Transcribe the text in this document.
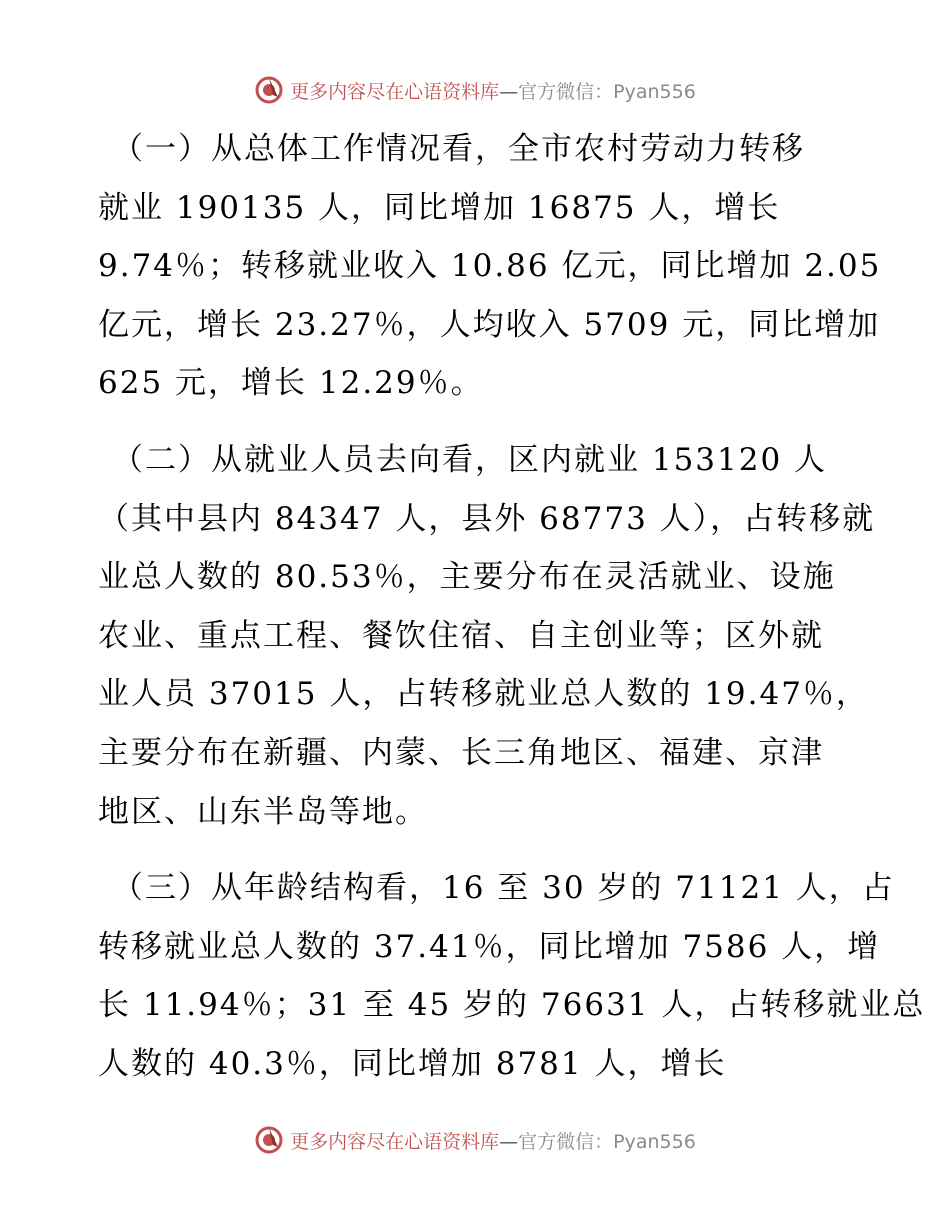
更多内容尽在心语资料库—官方微信：Pyan556

（一）从总体工作情况看，全市农村劳动力转移
就业 190135 人，同比增加 16875 人，增长
9.74％；转移就业收入 10.86 亿元，同比增加 2.05
亿元，增长 23.27％，人均收入 5709 元，同比增加
625 元，增长 12.29％。

（二）从就业人员去向看，区内就业 153120 人
（其中县内 84347 人，县外 68773 人），占转移就
业总人数的 80.53％，主要分布在灵活就业、设施
农业、重点工程、餐饮住宿、自主创业等；区外就
业人员 37015 人，占转移就业总人数的 19.47％，
主要分布在新疆、内蒙、长三角地区、福建、京津
地区、山东半岛等地。

（三）从年龄结构看，16 至 30 岁的 71121 人，占
转移就业总人数的 37.41％，同比增加 7586 人，增
长 11.94％；31 至 45 岁的 76631 人，占转移就业总
人数的 40.3％，同比增加 8781 人，增长

更多内容尽在心语资料库—官方微信：Pyan556
